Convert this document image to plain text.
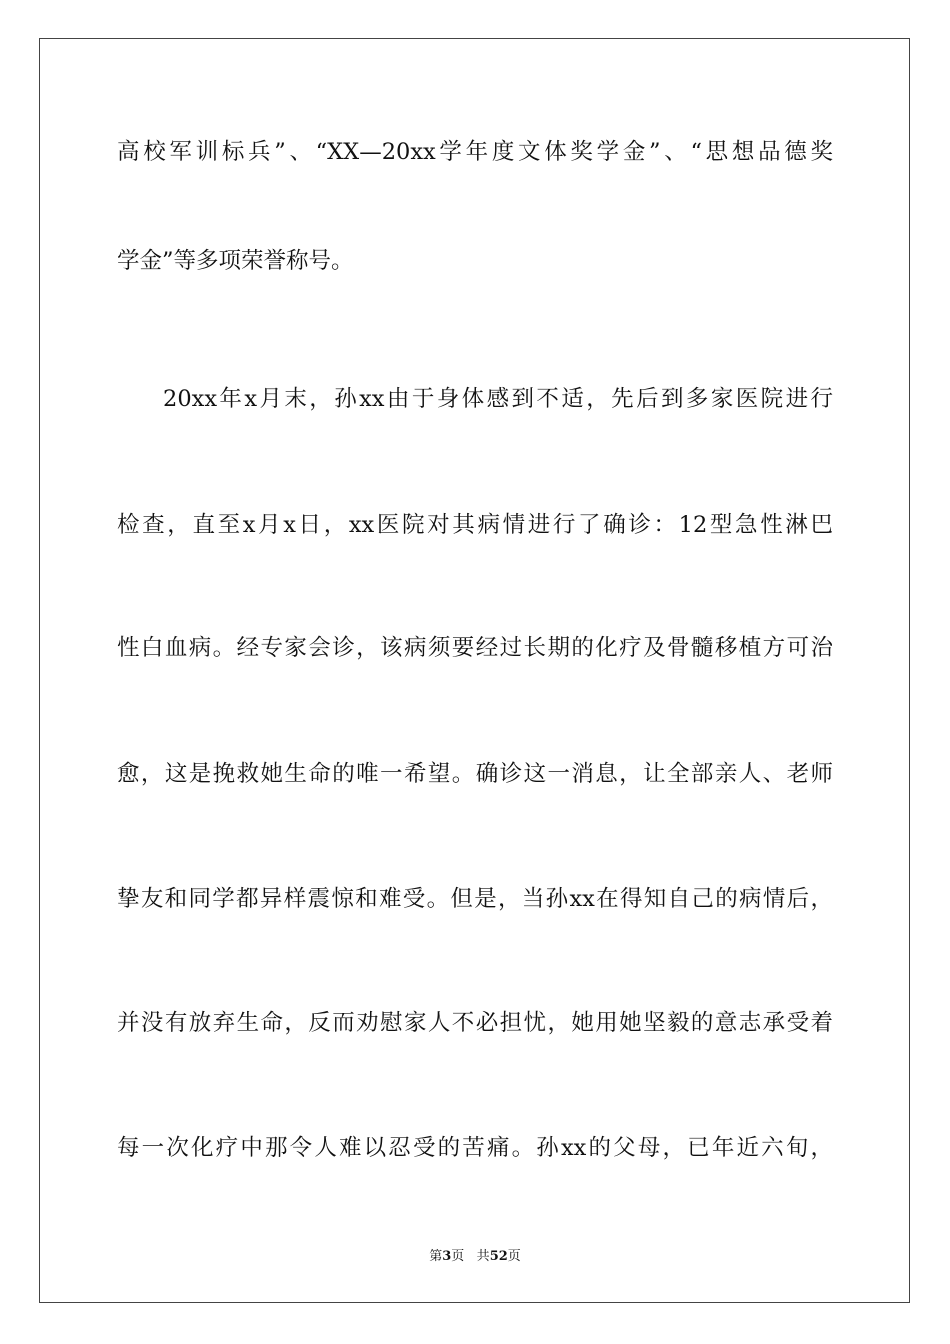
高校军训标兵”、“XX—20xx学年度文体奖学金”、“思想品德奖
学金”等多项荣誉称号。
20xx年x月末，孙xx由于身体感到不适，先后到多家医院进行
检查，直至x月x日，xx医院对其病情进行了确诊：12型急性淋巴
性白血病。经专家会诊，该病须要经过长期的化疗及骨髓移植方可治
愈，这是挽救她生命的唯一希望。确诊这一消息，让全部亲人、老师
挚友和同学都异样震惊和难受。但是，当孙xx在得知自己的病情后，
并没有放弃生命，反而劝慰家人不必担忧，她用她坚毅的意志承受着
每一次化疗中那令人难以忍受的苦痛。孙xx的父母，已年近六旬，
第3页 共52页
